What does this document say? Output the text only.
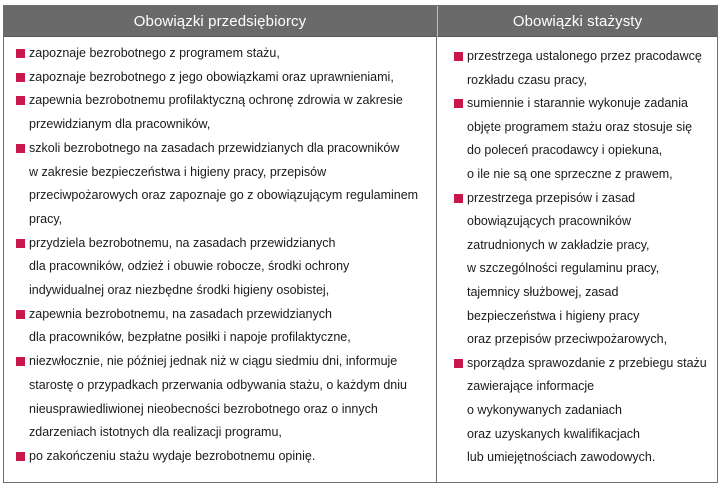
Obowiązki przedsiębiorcy
zapoznaje bezrobotnego z programem stażu,
zapoznaje bezrobotnego z jego obowiązkami oraz uprawnieniami,
zapewnia bezrobotnemu profilaktyczną ochronę zdrowia w zakresie
przewidzianym dla pracowników,
szkoli bezrobotnego na zasadach przewidzianych dla pracowników
w zakresie bezpieczeństwa i higieny pracy, przepisów
przeciwpożarowych oraz zapoznaje go z obowiązującym regulaminem
pracy,
przydziela bezrobotnemu, na zasadach przewidzianych
dla pracowników, odzież i obuwie robocze, środki ochrony
indywidualnej oraz niezbędne środki higieny osobistej,
zapewnia bezrobotnemu, na zasadach przewidzianych
dla pracowników, bezpłatne posiłki i napoje profilaktyczne,
niezwłocznie, nie później jednak niż w ciągu siedmiu dni, informuje
starostę o przypadkach przerwania odbywania stażu, o każdym dniu
nieusprawiedliwionej nieobecności bezrobotnego oraz o innych
zdarzeniach istotnych dla realizacji programu,
po zakończeniu stażu wydaje bezrobotnemu opinię.
Obowiązki stażysty
przestrzega ustalonego przez pracodawcę
rozkładu czasu pracy,
sumiennie i starannie wykonuje zadania
objęte programem stażu oraz stosuje się
do poleceń pracodawcy i opiekuna,
o ile nie są one sprzeczne z prawem,
przestrzega przepisów i zasad
obowiązujących pracowników
zatrudnionych w zakładzie pracy,
w szczególności regulaminu pracy,
tajemnicy służbowej, zasad
bezpieczeństwa i higieny pracy
oraz przepisów przeciwpożarowych,
sporządza sprawozdanie z przebiegu stażu
zawierające informacje
o wykonywanych zadaniach
oraz uzyskanych kwalifikacjach
lub umiejętnościach zawodowych.
